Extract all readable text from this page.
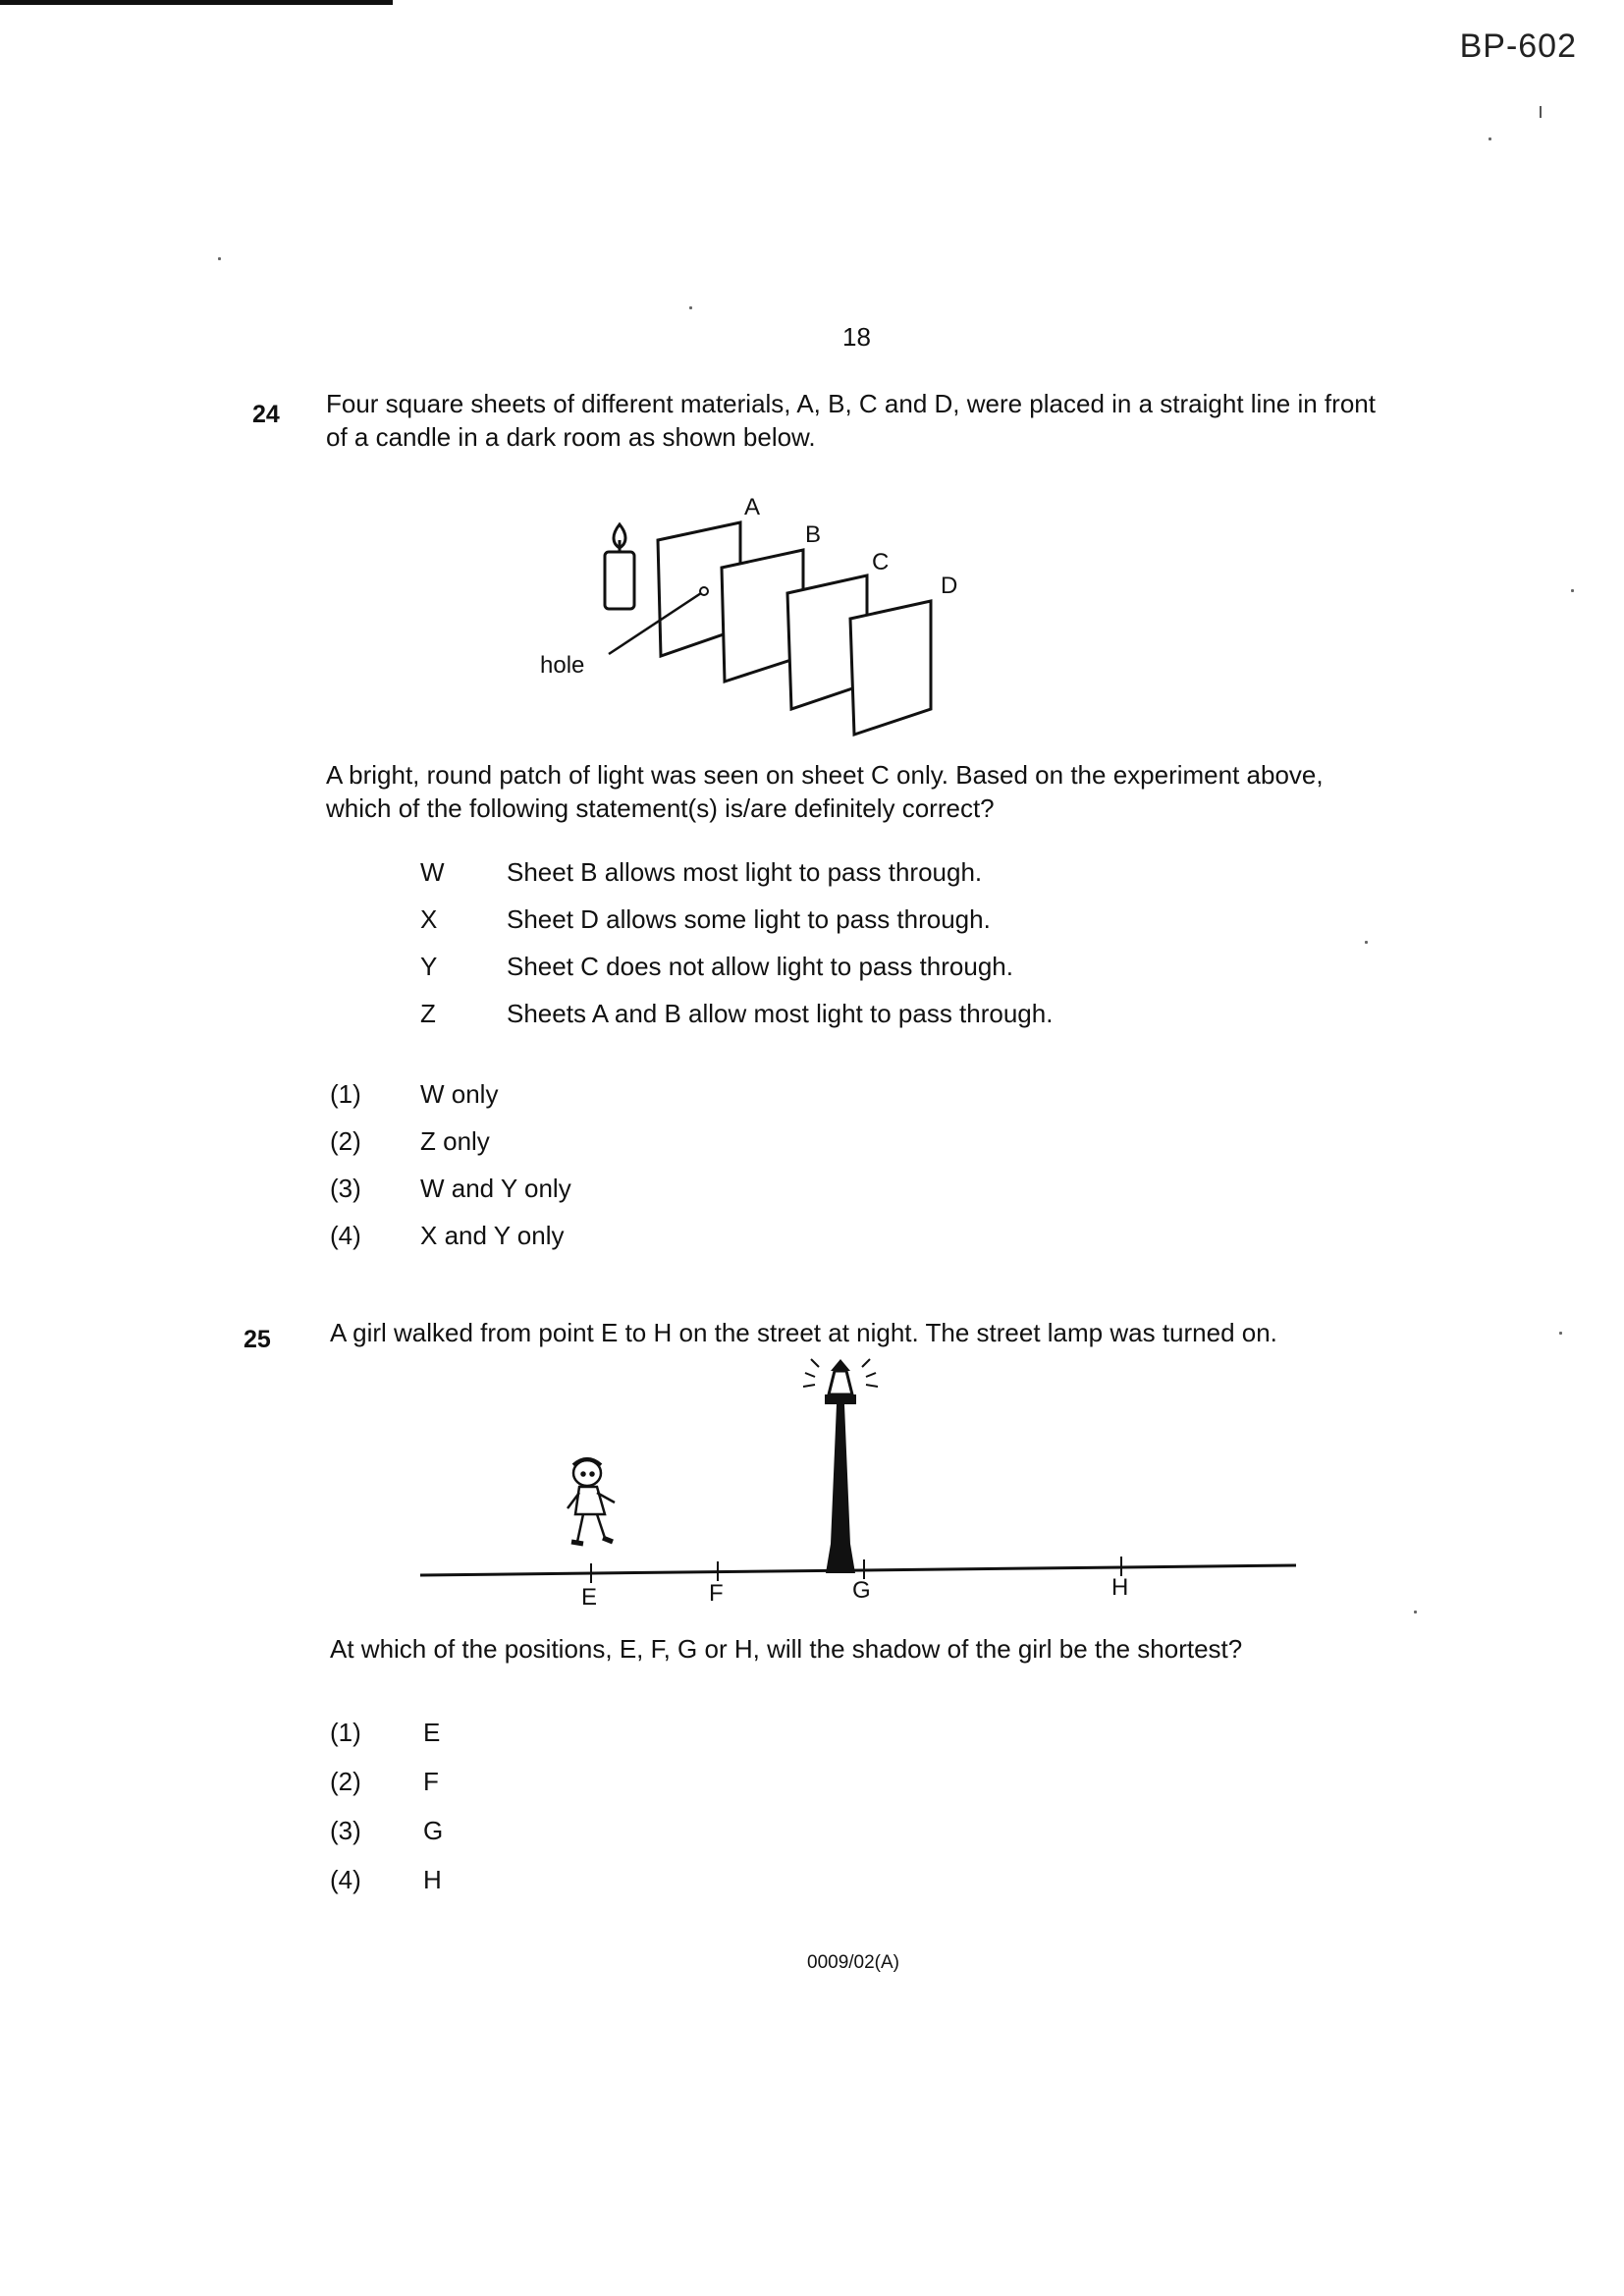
BP-602
18
24 Four square sheets of different materials, A, B, C and D, were placed in a straight line in front
of a candle in a dark room as shown below.
A
B
C
D
hole
A bright, round patch of light was seen on sheet C only. Based on the experiment above,
which of the following statement(s) is/are definitely correct?
W Sheet B allows most light to pass through.
X	Sheet D allows some light to pass through.
Y	Sheet C does not allow light to pass through.
Z	Sheets A and B allow most light to pass through.
(1) W only
(2) Z only
(3) W and Y only
(4) X and Y only
25 A girl walked from point E to H on the street at night. The street lamp was turned on.
E	F	G	H
At which of the positions, E, F, G or H, will the shadow of the girl be the shortest?
(1) E
(2) F
(3) G
(4) H
0009/02(A)
